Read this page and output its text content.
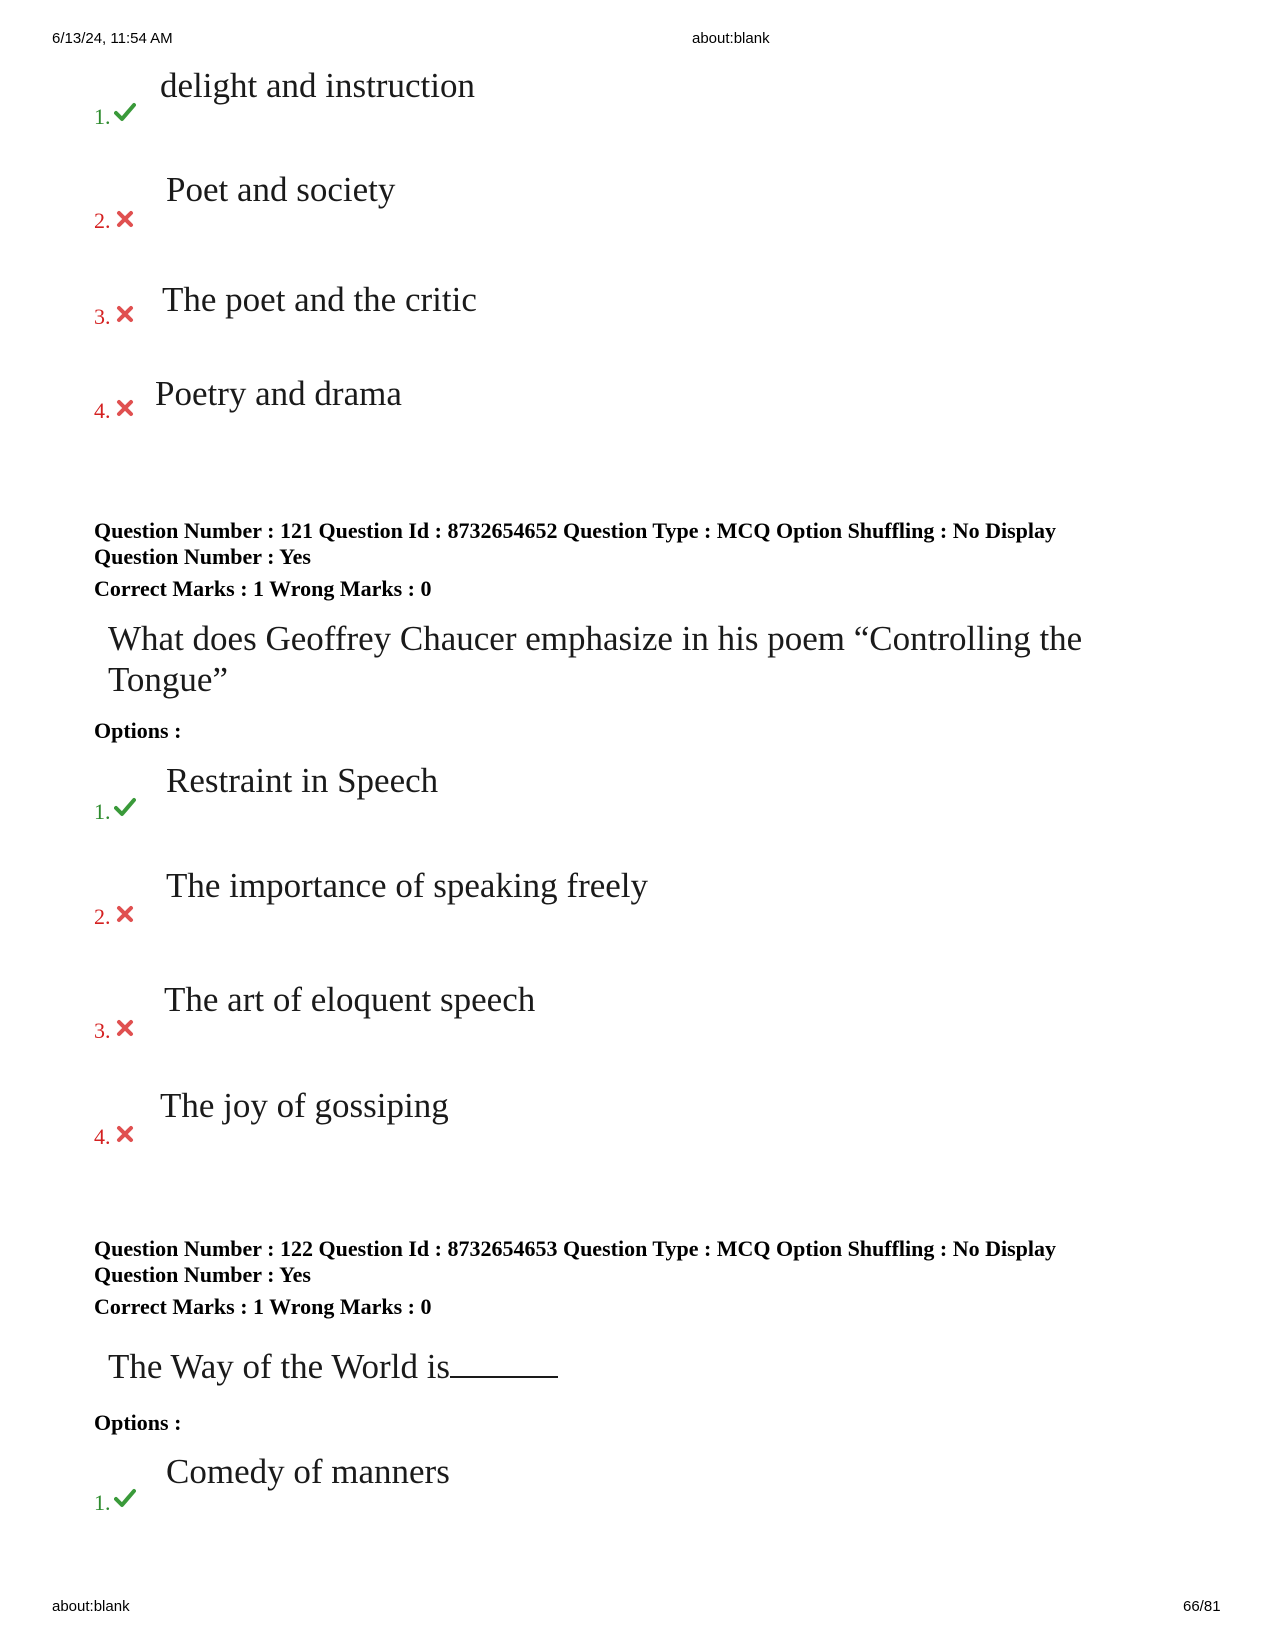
6/13/24, 11:54 AM	about:blank
about:blank	66/81
1.
delight and instruction
2.
Poet and society
3. The poet and the critic
4. Poetry and drama
Question Number : 121 Question Id : 8732654652 Question Type : MCQ Option Shuffling : No Display
Question Number : Yes
Correct Marks : 1 Wrong Marks : 0
What does Geoffrey Chaucer emphasize in his poem “Controlling the
Tongue”
Options :
1.
Restraint in Speech
2.
The importance of speaking freely
3.
The art of eloquent speech
4.
The joy of gossiping
Question Number : 122 Question Id : 8732654653 Question Type : MCQ Option Shuffling : No Display
Question Number : Yes
Correct Marks : 1 Wrong Marks : 0
The Way of the World is
Options :
1.
Comedy of manners
